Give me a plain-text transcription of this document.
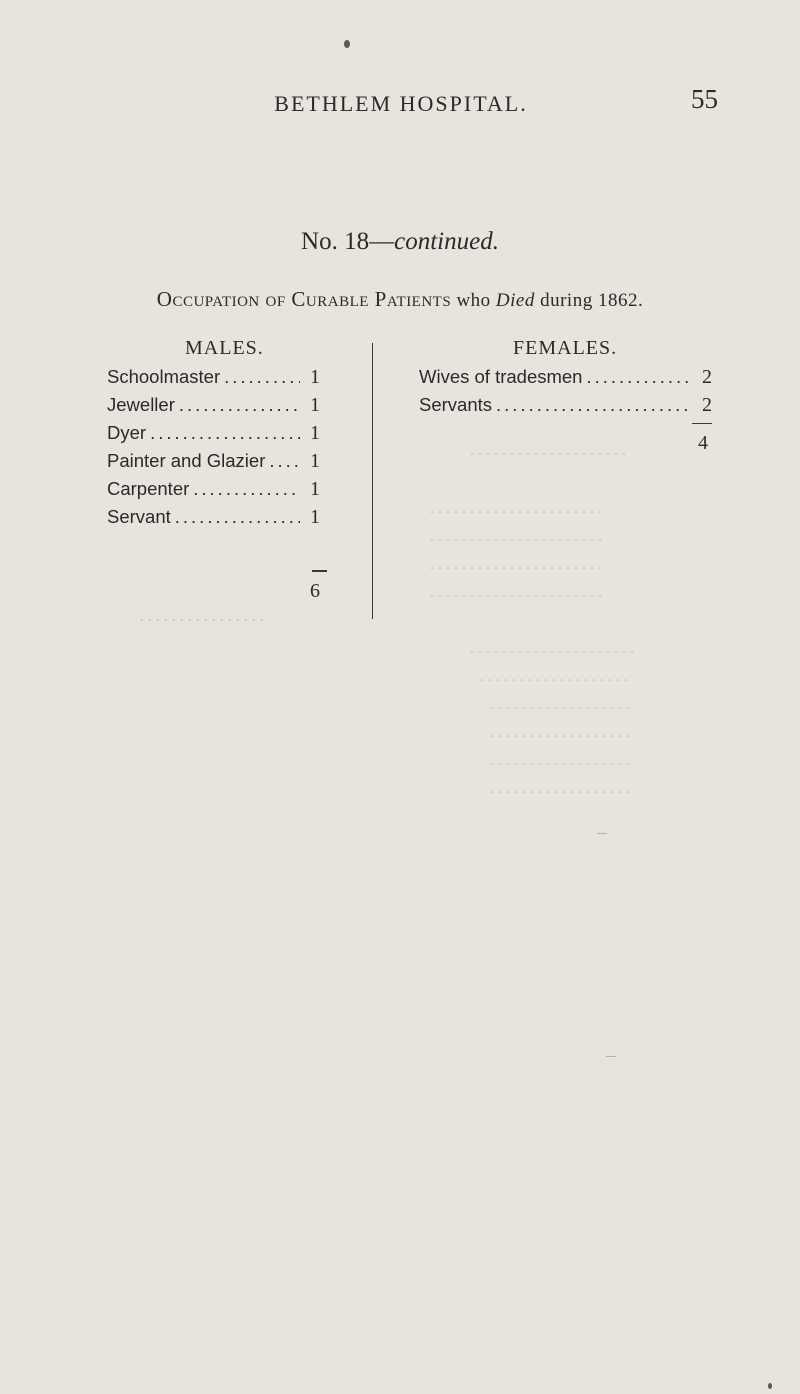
BETHLEM HOSPITAL.	55
No. 18—continued.
Occupation of Curable Patients who Died during 1862.
MALES.	FEMALES.
Schoolmaster .....	1
Jeweller .....	1
Dyer .....	1
Painter and Glazier ..... 1
Carpenter .....	1
Servant .....	1
6
Wives of tradesmen .....	2
Servants .....	2
4
. . . . . . . . . . . . . . . . . . . .
. . . . . . . . . . . . . . . . . . . . . .
. . . . . . . . . . . . . . . . . . . . . .
. . . . . . . . . . . . . . . . . . . . . .
. . . . . . . . . . . . . . . . . . . . . .
. . . . . . . . . . . . . . . .
. . . . . . . . . . . . . . . . . . . . .
. . . . . . . . . . . . . . . . . . .
. . . . . . . . . . . . . . . . . .
. . . . . . . . . . . . . . . . . .
. . . . . . . . . . . . . . . . . .
. . . . . . . . . . . . . . . . . .
